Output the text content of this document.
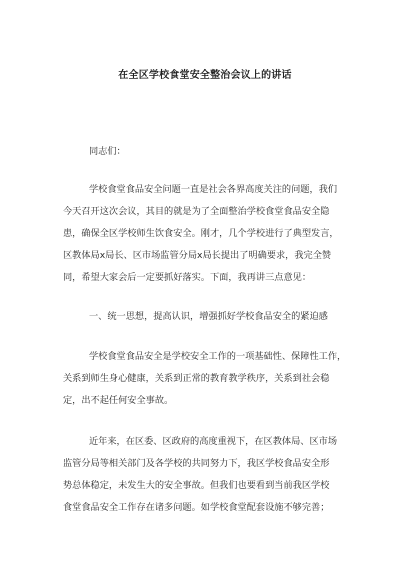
在全区学校食堂安全整治会议上的讲话
同志们：
学校食堂食品安全问题一直是社会各界高度关注的问题，我们
今天召开这次会议，其目的就是为了全面整治学校食堂食品安全隐
患，确保全区学校师生饮食安全。刚才，几个学校进行了典型发言，
区教体局x局长、区市场监管分局x局长提出了明确要求，我完全赞
同，希望大家会后一定要抓好落实。下面，我再讲三点意见：
一、统一思想，提高认识，增强抓好学校食品安全的紧迫感
学校食堂食品安全是学校安全工作的一项基础性、保障性工作，
关系到师生身心健康，关系到正常的教育教学秩序，关系到社会稳
定，出不起任何安全事故。
近年来，在区委、区政府的高度重视下，在区教体局、区市场
监管分局等相关部门及各学校的共同努力下，我区学校食品安全形
势总体稳定，未发生大的安全事故。但我们也要看到当前我区学校
食堂食品安全工作存在诸多问题。如学校食堂配套设施不够完善；
